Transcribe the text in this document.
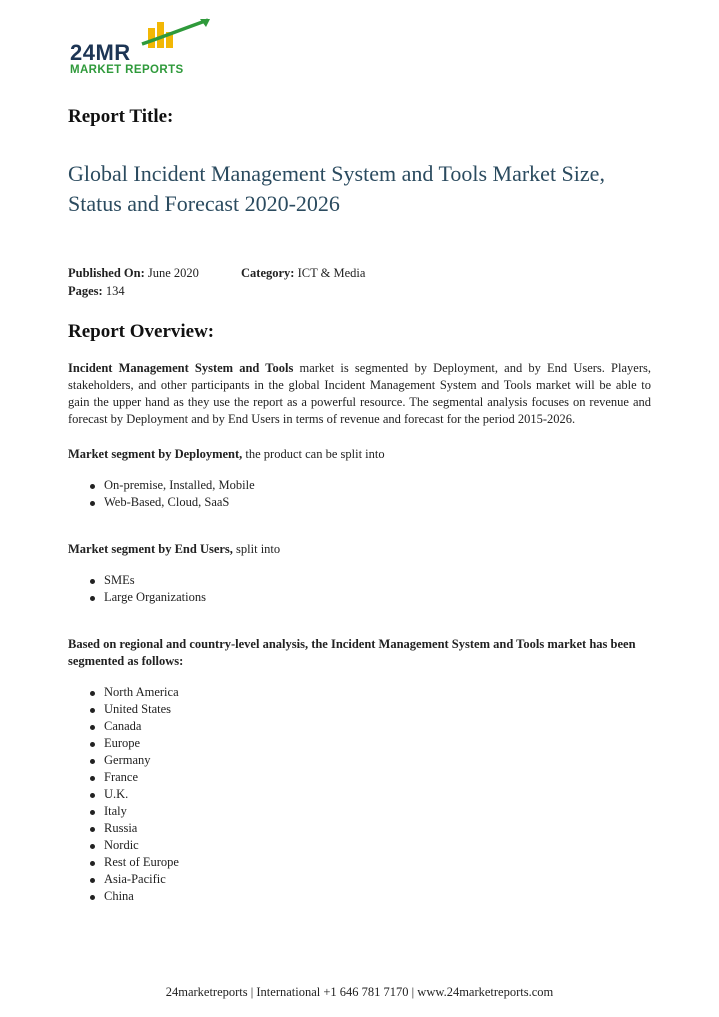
24MR
MARKET REPORTS
Report Title:
Global Incident Management System and Tools Market Size, Status and Forecast 2020-2026
Published On: June 2020	Category: ICT & Media
Pages: 134
Report Overview:
Incident Management System and Tools market is segmented by Deployment, and by End Users. Players, stakeholders, and other participants in the global Incident Management System and Tools market will be able to gain the upper hand as they use the report as a powerful resource. The segmental analysis focuses on revenue and forecast by Deployment and by End Users in terms of revenue and forecast for the period 2015-2026.
Market segment by Deployment, the product can be split into
On-premise, Installed, Mobile
Web-Based, Cloud, SaaS
Market segment by End Users, split into
SMEs
Large Organizations
Based on regional and country-level analysis, the Incident Management System and Tools market has been segmented as follows:
North America
United States
Canada
Europe
Germany
France
U.K.
Italy
Russia
Nordic
Rest of Europe
Asia-Pacific
China
24marketreports | International +1 646 781 7170 | www.24marketreports.com
